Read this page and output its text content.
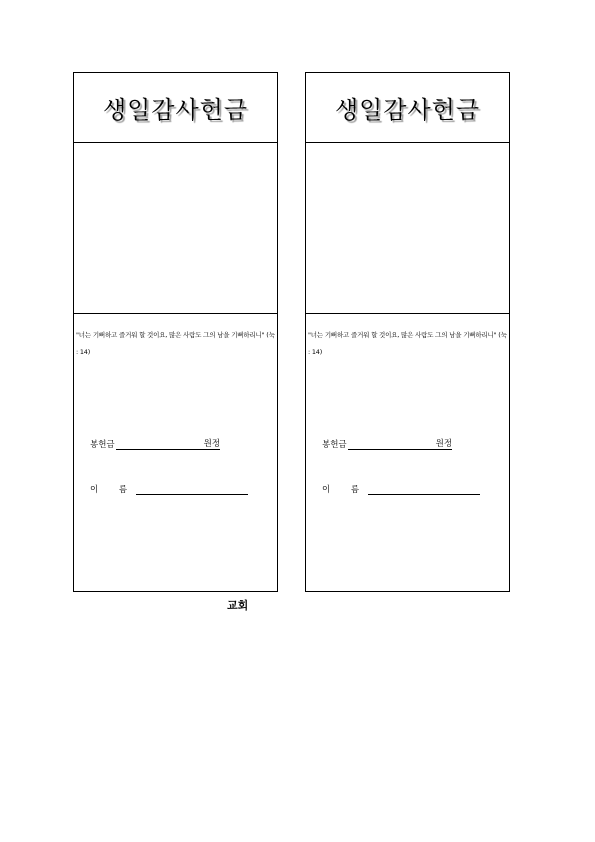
생일감사헌금
"너는 기뻐하고 즐거워 할 것이요, 많은 사람도 그의 남을 기뻐하리니" (눅 : 14)
봉헌금	원정
이 름
생일감사헌금
"너는 기뻐하고 즐거워 할 것이요, 많은 사람도 그의 남을 기뻐하리니" (눅 : 14)
봉헌금	원정
이 름
교회
